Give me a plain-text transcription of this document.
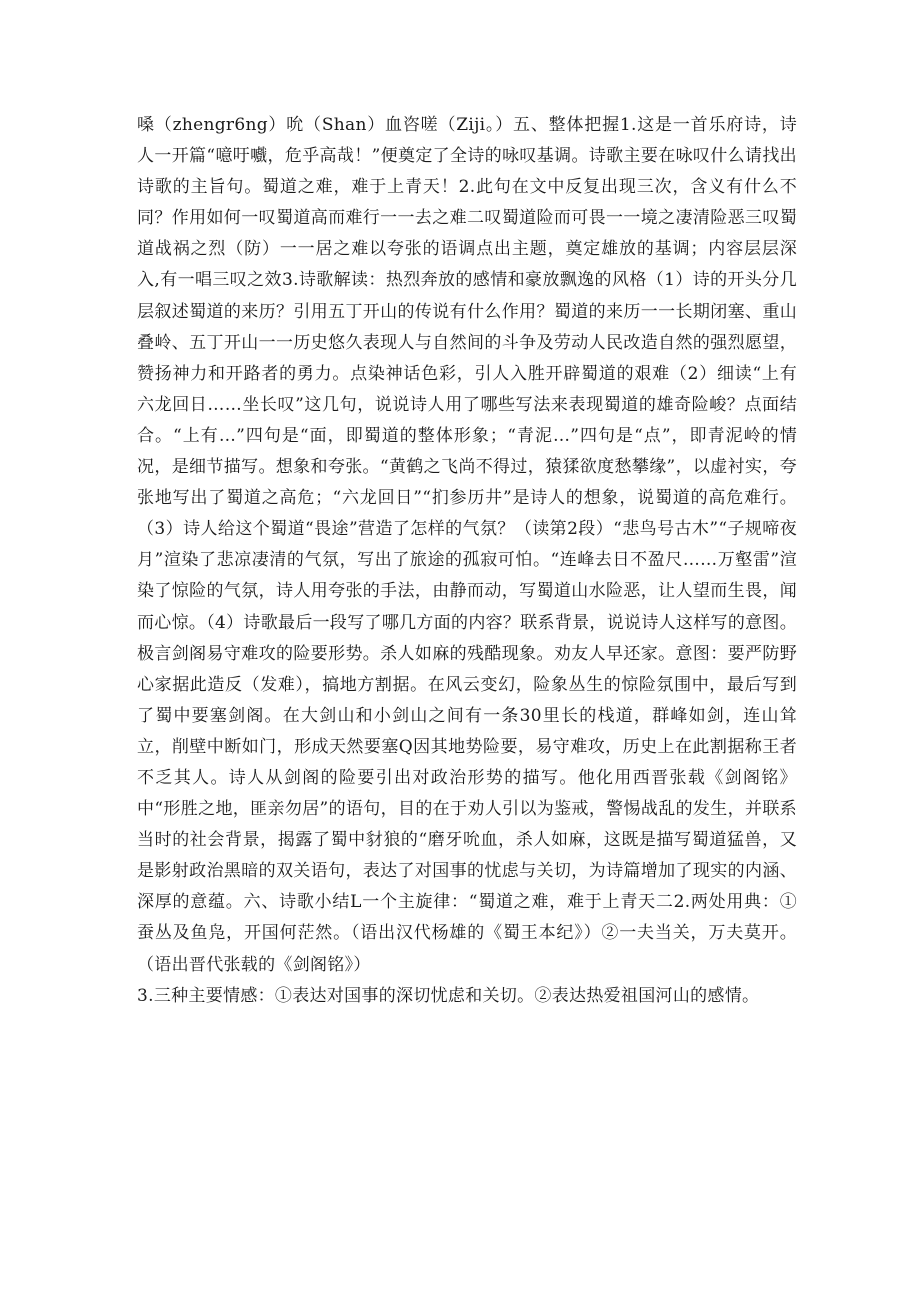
嗓（zhengr6ng）吮（Shan）血咨嗟（Ziji。）五、整体把握1.这是一首乐府诗，诗人一开篇“噫吁嚱，危乎高哉！”便奠定了全诗的咏叹基调。诗歌主要在咏叹什么请找出诗歌的主旨句。蜀道之难，难于上青天！2.此句在文中反复出现三次，含义有什么不同？作用如何一叹蜀道高而难行一一去之难二叹蜀道险而可畏一一境之凄清险恶三叹蜀道战祸之烈（防）一一居之难以夸张的语调点出主题，奠定雄放的基调；内容层层深入,有一唱三叹之效3.诗歌解读：热烈奔放的感情和豪放飘逸的风格（1）诗的开头分几层叙述蜀道的来历？引用五丁开山的传说有什么作用？蜀道的来历一一长期闭塞、重山叠岭、五丁开山一一历史悠久表现人与自然间的斗争及劳动人民改造自然的强烈愿望，赞扬神力和开路者的勇力。点染神话色彩，引人入胜开辟蜀道的艰难（2）细读“上有六龙回日……坐长叹”这几句，说说诗人用了哪些写法来表现蜀道的雄奇险峻？点面结合。“上有…”四句是“面，即蜀道的整体形象；“青泥…”四句是“点”，即青泥岭的情况，是细节描写。想象和夸张。“黄鹤之飞尚不得过，猿猱欲度愁攀缘”，以虚衬实，夸张地写出了蜀道之高危；“六龙回日”“扪参历井”是诗人的想象，说蜀道的高危难行。（3）诗人给这个蜀道“畏途”营造了怎样的气氛？（读第2段）“悲鸟号古木”“子规啼夜月”渲染了悲凉凄清的气氛，写出了旅途的孤寂可怕。“连峰去日不盈尺……万壑雷”渲染了惊险的气氛，诗人用夸张的手法，由静而动，写蜀道山水险恶，让人望而生畏，闻而心惊。（4）诗歌最后一段写了哪几方面的内容？联系背景，说说诗人这样写的意图。极言剑阁易守难攻的险要形势。杀人如麻的残酷现象。劝友人早还家。意图：要严防野心家据此造反（发难），搞地方割据。在风云变幻，险象丛生的惊险氛围中，最后写到了蜀中要塞剑阁。在大剑山和小剑山之间有一条30里长的栈道，群峰如剑，连山耸立，削壁中断如门，形成天然要塞Q因其地势险要，易守难攻，历史上在此割据称王者不乏其人。诗人从剑阁的险要引出对政治形势的描写。他化用西晋张载《剑阁铭》中“形胜之地，匪亲勿居”的语句，目的在于劝人引以为鉴戒，警惕战乱的发生，并联系当时的社会背景，揭露了蜀中豺狼的“磨牙吮血，杀人如麻，这既是描写蜀道猛兽，又是影射政治黑暗的双关语句，表达了对国事的忧虑与关切，为诗篇增加了现实的内涵、深厚的意蕴。六、诗歌小结L一个主旋律：“蜀道之难，难于上青天二2.两处用典：①蚕丛及鱼凫，开国何茫然。（语出汉代杨雄的《蜀王本纪》）②一夫当关，万夫莫开。（语出晋代张载的《剑阁铭》）

3.三种主要情感：①表达对国事的深切忧虑和关切。②表达热爱祖国河山的感情。
